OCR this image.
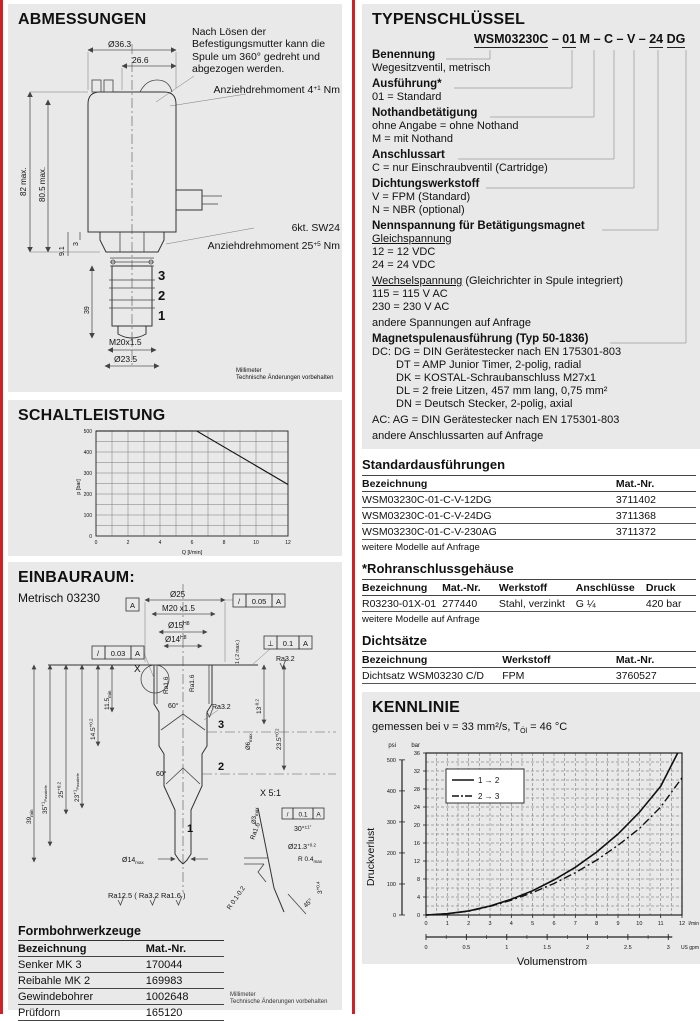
ABMESSUNGEN
Nach Lösen der Befestigungsmutter kann die Spule um 360° gedreht und abgezogen werden.
Ø36.3
26.6
82 max. 80.5 max.
9.1
3
39
M20x1.5
Ø23.5
3
2
1
Anziehdrehmoment $4^{+1}$ Nm
6kt. SW24
Anziehdrehmoment $25^{+5}$ Nm
Millimeter
Technische Änderungen vorbehalten
SCHALTLEISTUNG
0
100
200
300
400
500
0	2	4	6	8	10	12
p [bar]
Q [l/min]
EINBAURAUM:
Metrisch 03230
A	/ 0.05 A
/ 0.03 A
⊥ 0.1 A
Ø25
M20 x1.5
$Ø15^{H8}$
$Ø14^{H8}$
X
Ra1.6	Ra1.6
Ra3.2
Ra3.2
1 (.2 max.)
60°
60°
3
2
1
$39_{min}$ $35^{+1}_{Passtiefe}$ $25^{+0.2}$
$23^{+1}_{Passtiefe}$
$14.5^{+0.2}$
$11.5_{min}$
$13^{-0.2}$
$23.5^{+0.2}$
$Ø6_{max}$
$Ø3_{max}$
$Ø14_{max}$
Ra12.5 ( Ra3.2 Ra1.6 )
X 5:1
Ra1.6
/ 0.1 A
30°$^{\pm 1^\circ}$
$Ø21.3^{+0.2}$
R $0.4_{max}$
R 0.1-0.2	$3^{+0.4}$
45°
Formbohrwerkzeuge
Bezeichnung	Mat.-Nr.
Senker MK 3	170044
Reibahle MK 2	169983
Gewindebohrer	1002648
Prüfdorn	165120
Millimeter
Technische Änderungen vorbehalten
TYPENSCHLÜSSEL
WSM03230C – 01 M – C – V – 24 DG
Benennung
Wegesitzventil, metrisch
Ausführung*
01 = Standard
Nothandbetätigung
ohne Angabe = ohne Nothand
M = mit Nothand
Anschlussart
C = nur Einschraubventil (Cartridge)
Dichtungswerkstoff
V = FPM (Standard)
N = NBR (optional)
Nennspannung für Betätigungsmagnet
Gleichspannung
12 = 12 VDC
24 = 24 VDC
Wechselspannung (Gleichrichter in Spule integriert)
115 = 115 V AC
230 = 230 V AC
andere Spannungen auf Anfrage
Magnetspulenausführung (Typ 50-1836)
DC: DG = DIN Gerätestecker nach EN 175301-803
DT = AMP Junior Timer, 2-polig, radial
DK = KOSTAL-Schraubanschluss M27x1
DL = 2 freie Litzen, 457 mm lang, 0,75 mm²
DN = Deutsch Stecker, 2-polig, axial
AC: AG = DIN Gerätestecker nach EN 175301-803
andere Anschlussarten auf Anfrage
Standardausführungen
Bezeichnung	Mat.-Nr.
WSM03230C-01-C-V-12DG	3711402
WSM03230C-01-C-V-24DG	3711368
WSM03230C-01-C-V-230AG	3711372
weitere Modelle auf Anfrage
*Rohranschlussgehäuse
Bezeichnung	Mat.-Nr.	Werkstoff	Anschlüsse	Druck
R03230-01X-01	277440	Stahl, verzinkt	G ¼	420 bar
weitere Modelle auf Anfrage
Dichtsätze
Bezeichnung	Werkstoff	Mat.-Nr.
Dichtsatz WSM03230 C/D	FPM	3760527
KENNLINIE
gemessen bei ν = 33 mm²/s, $T_{Öl} = 46$ °C
0
4
8
12
16
20
24
28
32
36
0
100
200
300
400
500
psi	bar
0	1	2	3	4	5	6	7	8	9	10	11	12 l/min
0	0.5	1	1.5	2	2.5	3 US gpm
1 → 2
2 → 3
Druckverlust
Volumenstrom
